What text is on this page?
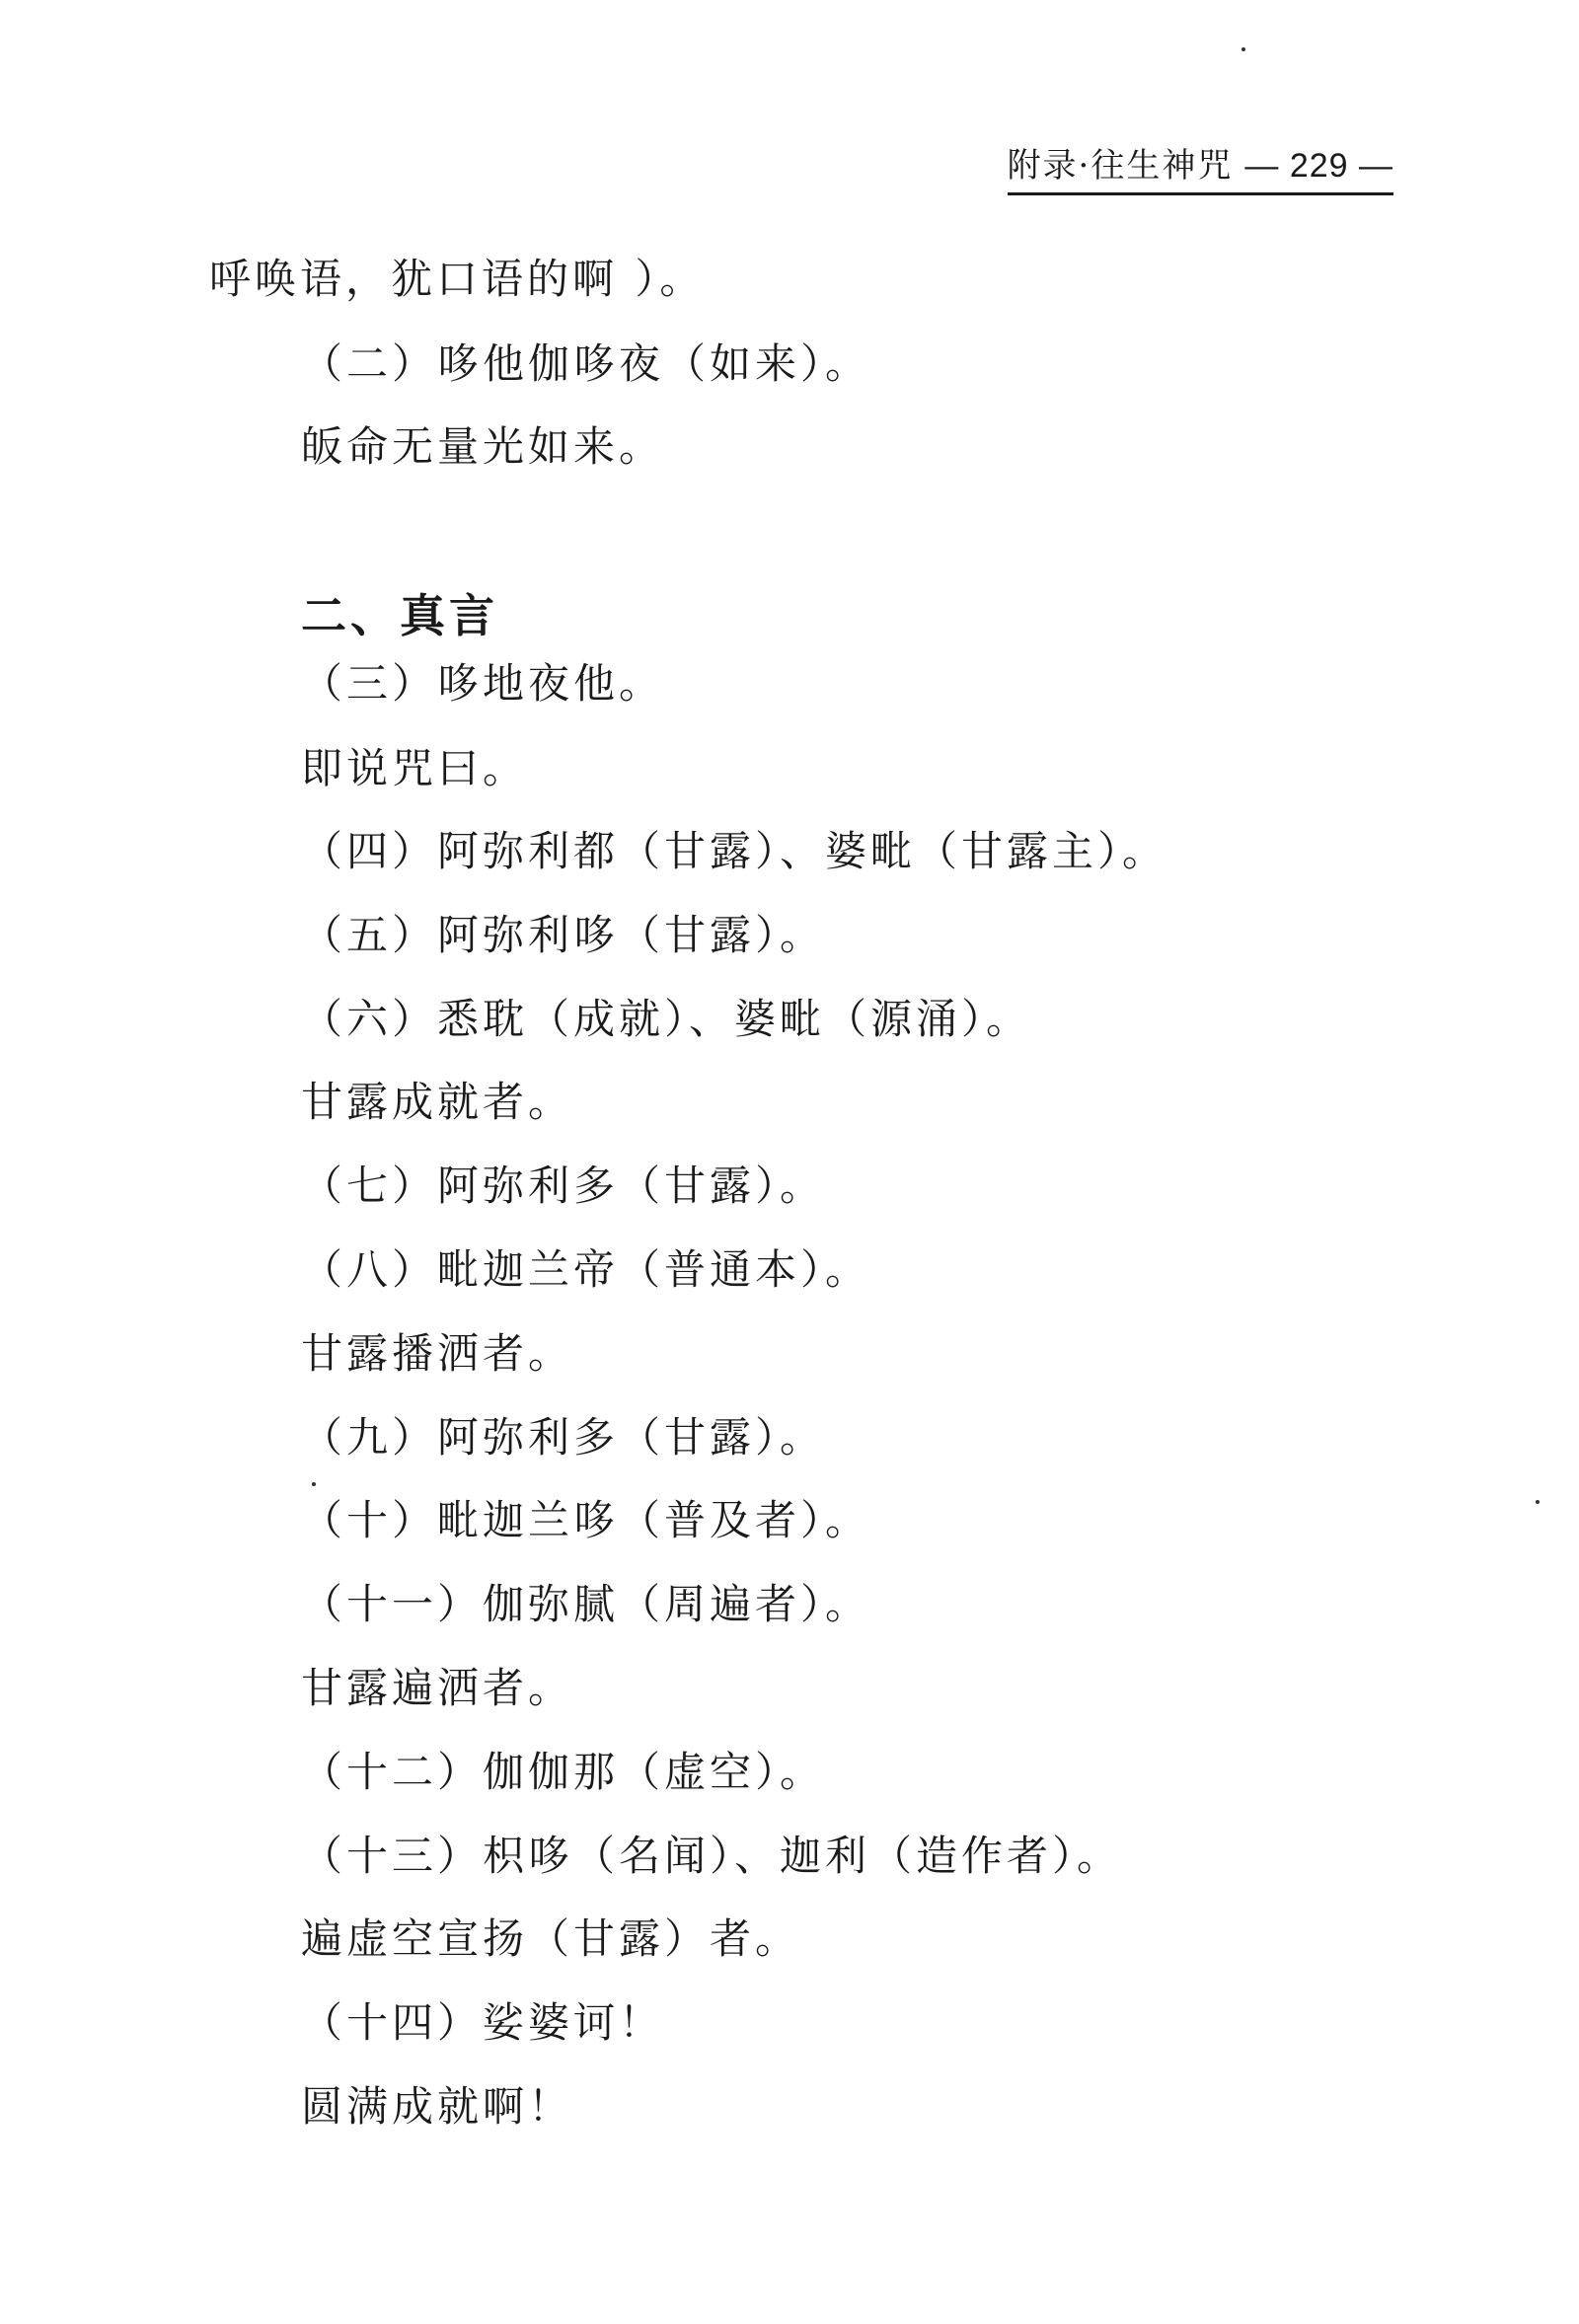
附录·往生神咒 — 229 —
呼唤语，犹口语的啊 ）。
（二）哆他伽哆夜（如来）。
皈命无量光如来。
二、真言
（三）哆地夜他。
即说咒曰。
（四）阿弥利都（甘露）、婆毗（甘露主）。
（五）阿弥利哆（甘露）。
（六）悉耽（成就）、婆毗（源涌）。
甘露成就者。
（七）阿弥利多（甘露）。
（八）毗迦兰帝（普通本）。
甘露播洒者。
（九）阿弥利多（甘露）。
（十）毗迦兰哆（普及者）。
（十一）伽弥腻（周遍者）。
甘露遍洒者。
（十二）伽伽那（虚空）。
（十三）枳哆（名闻）、迦利（造作者）。
遍虚空宣扬（甘露）者。
（十四）娑婆诃！
圆满成就啊！
